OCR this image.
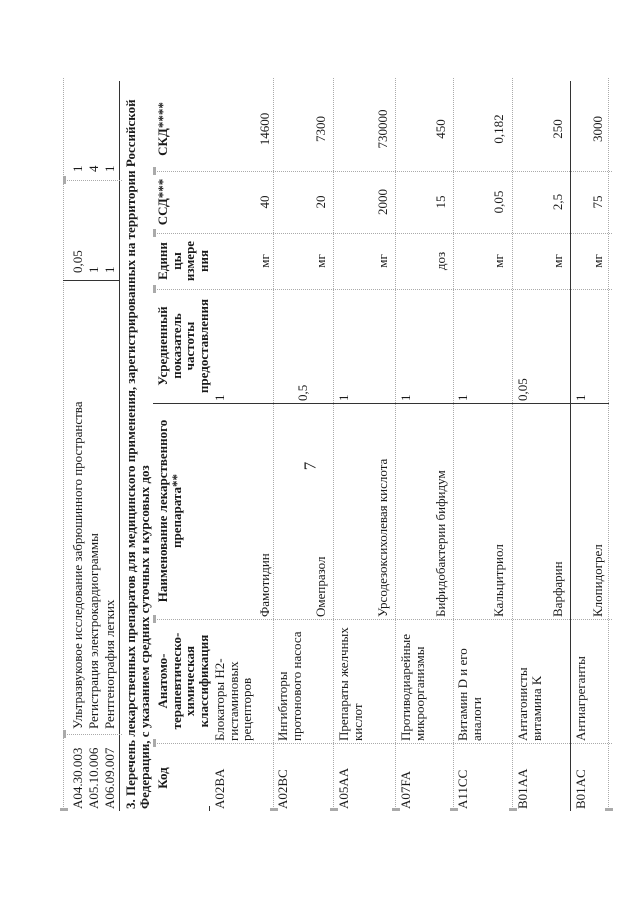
7
A04.30.003
Ультразвуковое исследование забрюшинного пространства
0,05
1
A05.10.006
Регистрация электрокардиограммы
1
4
A06.09.007
Рентгенография легких
1
1 3. Перечень лекарственных препаратов для медицинского применения, зарегистрированных на территории Российской Федерации, с указанием средних суточных и курсовых доз Код
Анатомо-
терапевтическо-
химическая
классификация
Наименование лекарственного
препарата**
Усредненный
показатель
частоты
предоставления
Едини
цы
измере
ния
ССД***
СКД****
A02BA
Блокаторы H2-
гистаминовых
рецепторов
1
Фамотидин
мг
40
14600
A02BC
Ингибиторы
протонового насоса
Омепразол
0,5
мг
20
7300
A05AA
Препараты желчных
кислот
1
Урсодезоксихолевая кислота
мг
2000
730000
A07FA
Противодиарейные
микроорганизмы
1
Бифидобактерии бифидум
доз
15
450
A11CC
Витамин D и его
аналоги
1
Кальцитриол
мг
0,05
0,182
B01AA
Антагонисты
витамина K
0,05
Варфарин
мг
2,5
250
B01AC
Антиагреганты
1
Клопидогрел
мг
75
3000
